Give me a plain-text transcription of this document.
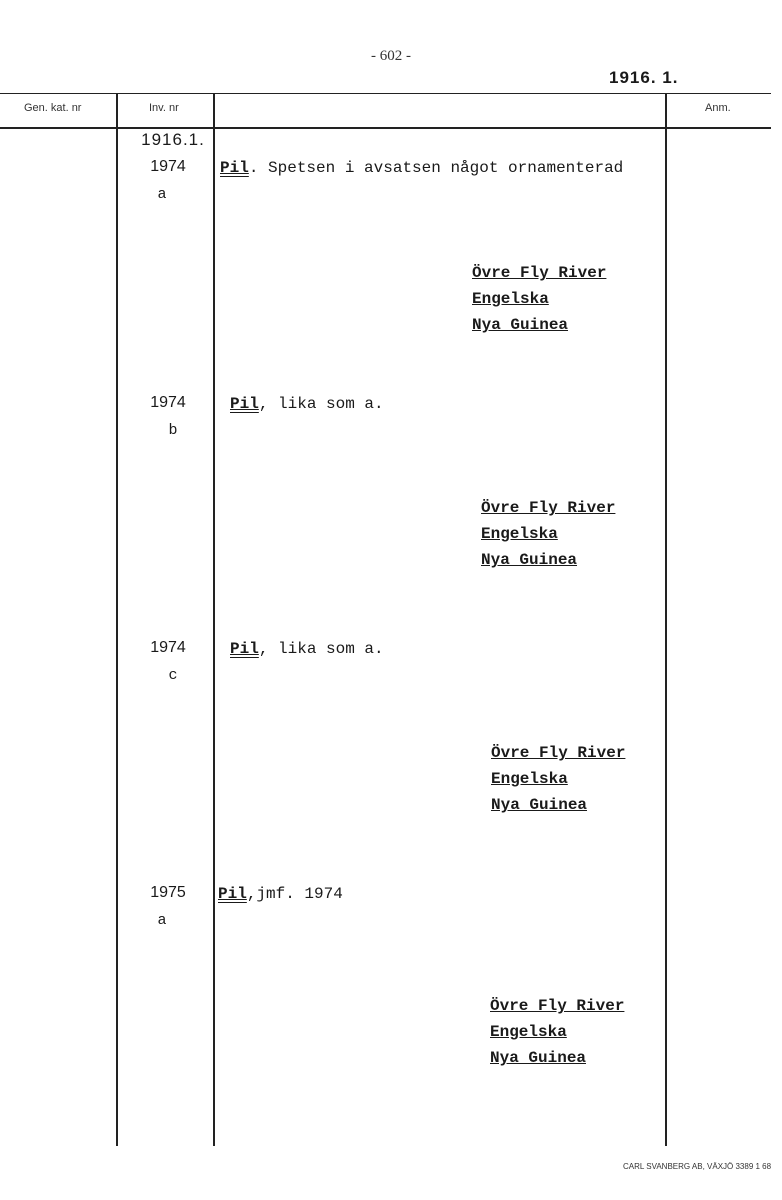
- 602 -
1916. 1.
Gen. kat. nr	Inv. nr	Anm.
1916.1.
1974
a
Pil. Spetsen i avsatsen något ornamenterad
Övre Fly River
Engelska
Nya Guinea
1974
b
Pil, lika som a.
Övre Fly River
Engelska
Nya Guinea
1974
c
Pil, lika som a.
Övre Fly River
Engelska
Nya Guinea
1975
a
Pil,jmf. 1974
Övre Fly River
Engelska
Nya Guinea
CARL SVANBERG AB, VÄXJÖ 3389 1 68
